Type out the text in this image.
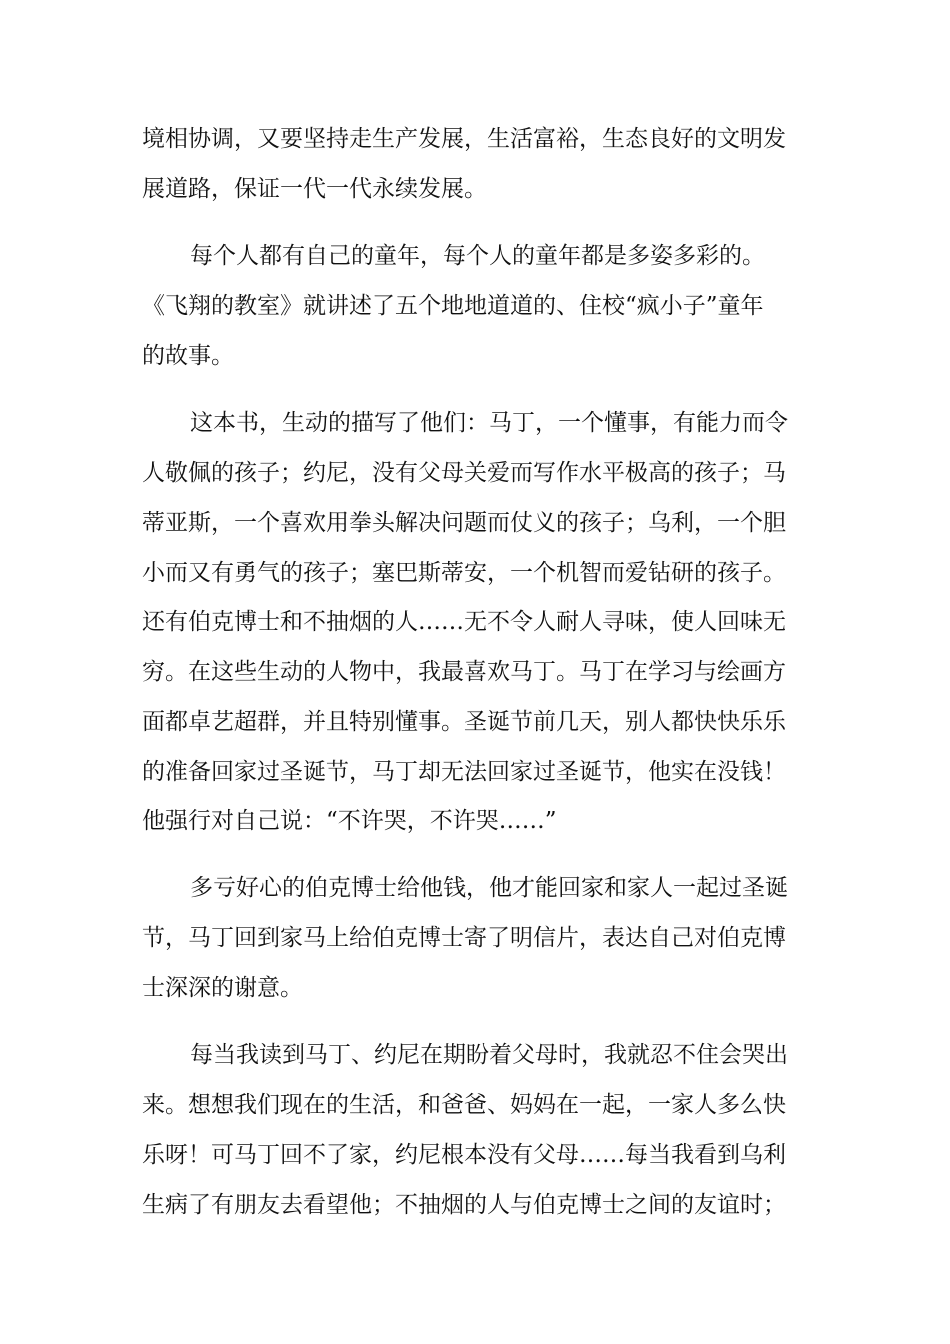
境相协调，又要坚持走生产发展，生活富裕，生态良好的文明发
展道路，保证一代一代永续发展。
每个人都有自己的童年，每个人的童年都是多姿多彩的。
《飞翔的教室》就讲述了五个地地道道的、住校“疯小子”童年
的故事。
这本书，生动的描写了他们：马丁，一个懂事，有能力而令
人敬佩的孩子；约尼，没有父母关爱而写作水平极高的孩子；马
蒂亚斯，一个喜欢用拳头解决问题而仗义的孩子；乌利，一个胆
小而又有勇气的孩子；塞巴斯蒂安，一个机智而爱钻研的孩子。
还有伯克博士和不抽烟的人……无不令人耐人寻味，使人回味无
穷。在这些生动的人物中，我最喜欢马丁。马丁在学习与绘画方
面都卓艺超群，并且特别懂事。圣诞节前几天，别人都快快乐乐
的准备回家过圣诞节，马丁却无法回家过圣诞节，他实在没钱！
他强行对自己说：“不许哭，不许哭……”
多亏好心的伯克博士给他钱，他才能回家和家人一起过圣诞
节，马丁回到家马上给伯克博士寄了明信片，表达自己对伯克博
士深深的谢意。
每当我读到马丁、约尼在期盼着父母时，我就忍不住会哭出
来。想想我们现在的生活，和爸爸、妈妈在一起，一家人多么快
乐呀！可马丁回不了家，约尼根本没有父母……每当我看到乌利
生病了有朋友去看望他；不抽烟的人与伯克博士之间的友谊时；
